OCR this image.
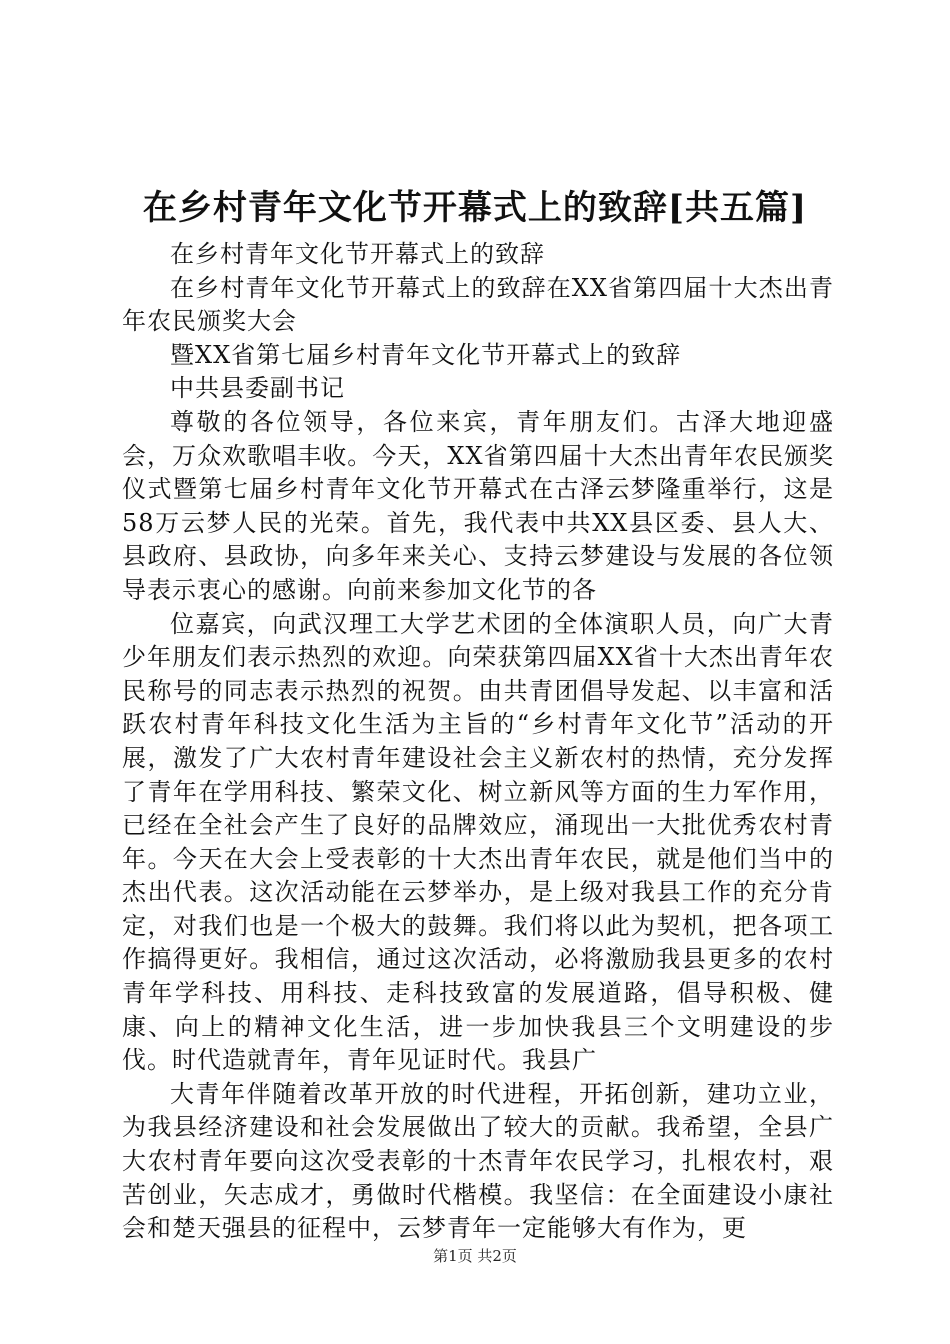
在乡村青年文化节开幕式上的致辞[共五篇]

在乡村青年文化节开幕式上的致辞

在乡村青年文化节开幕式上的致辞在XX省第四届十大杰出青年农民颁奖大会

暨XX省第七届乡村青年文化节开幕式上的致辞

中共县委副书记

尊敬的各位领导，各位来宾，青年朋友们。古泽大地迎盛会，万众欢歌唱丰收。今天，XX省第四届十大杰出青年农民颁奖仪式暨第七届乡村青年文化节开幕式在古泽云梦隆重举行，这是58万云梦人民的光荣。首先，我代表中共XX县区委、县人大、县政府、县政协，向多年来关心、支持云梦建设与发展的各位领导表示衷心的感谢。向前来参加文化节的各

位嘉宾，向武汉理工大学艺术团的全体演职人员，向广大青少年朋友们表示热烈的欢迎。向荣获第四届XX省十大杰出青年农民称号的同志表示热烈的祝贺。由共青团倡导发起、以丰富和活跃农村青年科技文化生活为主旨的“乡村青年文化节”活动的开展，激发了广大农村青年建设社会主义新农村的热情，充分发挥了青年在学用科技、繁荣文化、树立新风等方面的生力军作用，已经在全社会产生了良好的品牌效应，涌现出一大批优秀农村青年。今天在大会上受表彰的十大杰出青年农民，就是他们当中的杰出代表。这次活动能在云梦举办，是上级对我县工作的充分肯定，对我们也是一个极大的鼓舞。我们将以此为契机，把各项工作搞得更好。我相信，通过这次活动，必将激励我县更多的农村青年学科技、用科技、走科技致富的发展道路，倡导积极、健康、向上的精神文化生活，进一步加快我县三个文明建设的步伐。时代造就青年，青年见证时代。我县广

大青年伴随着改革开放的时代进程，开拓创新，建功立业，为我县经济建设和社会发展做出了较大的贡献。我希望，全县广大农村青年要向这次受表彰的十杰青年农民学习，扎根农村，艰苦创业，矢志成才，勇做时代楷模。我坚信：在全面建设小康社会和楚天强县的征程中，云梦青年一定能够大有作为，更

第1页 共2页
